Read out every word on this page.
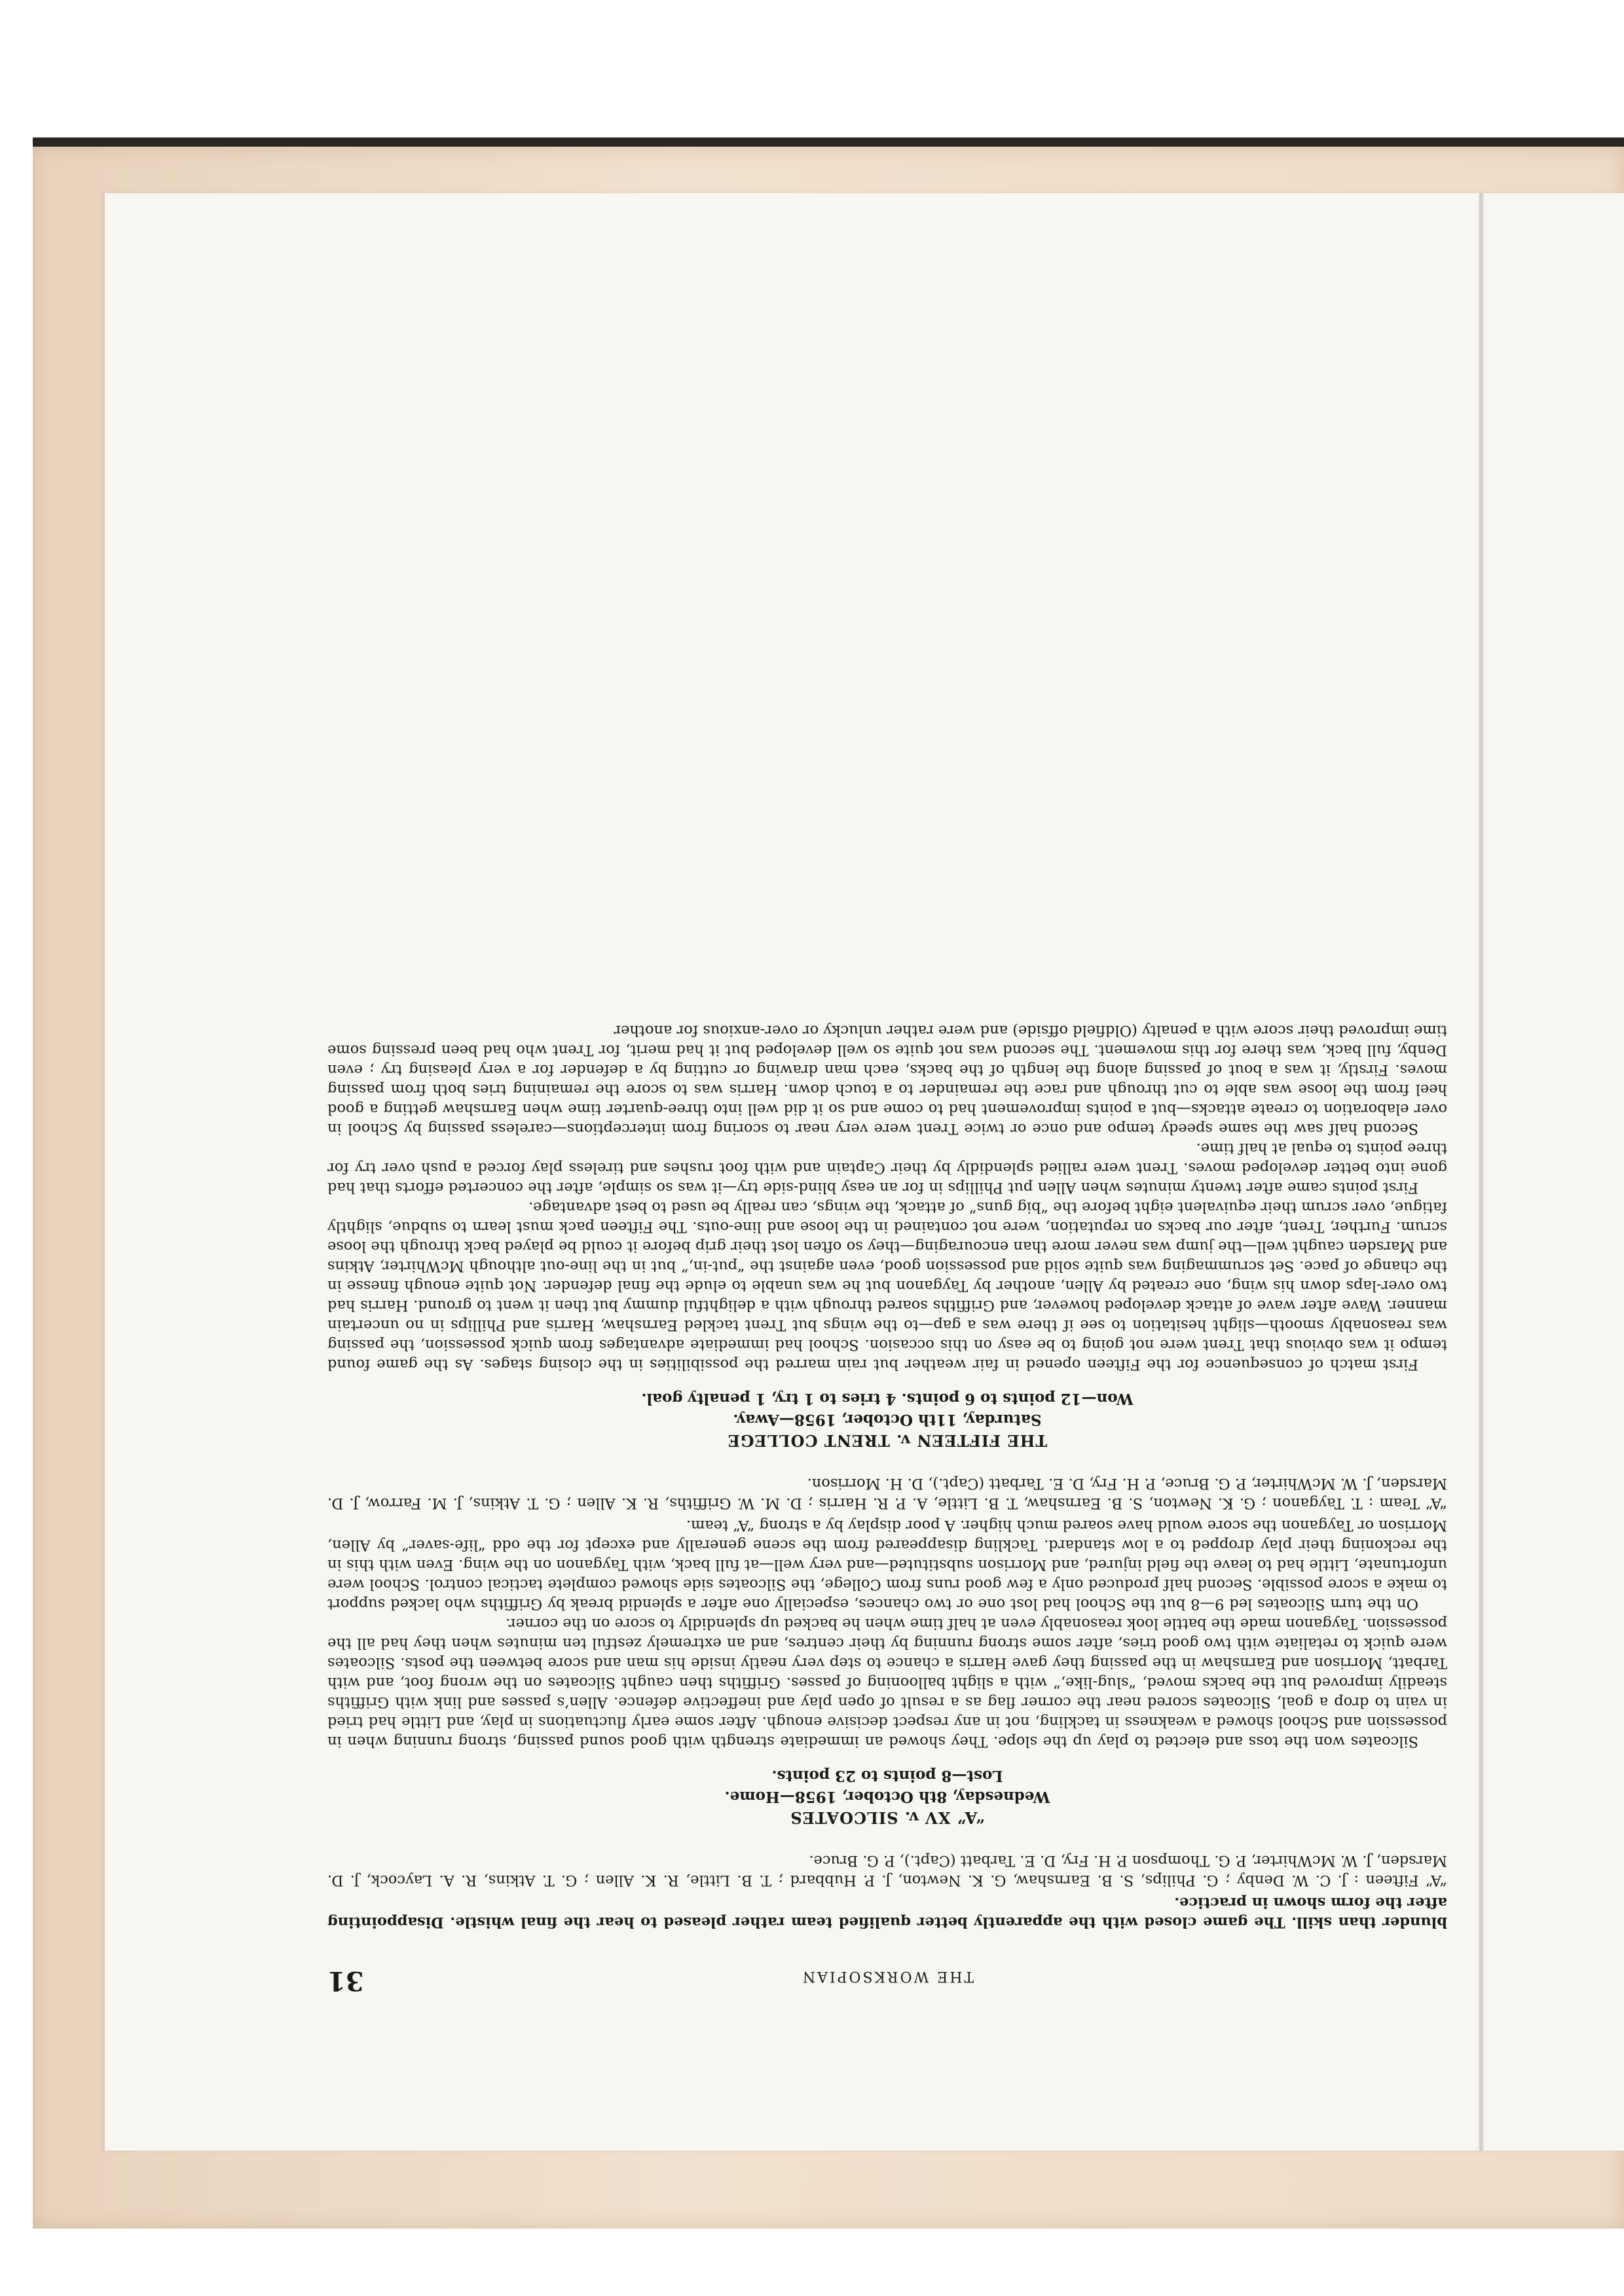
THE WORKSOPIAN
31

blunder than skill. The game closed with the apparently better qualified team rather pleased to hear the final whistle. Disappointing after the form shown in practice.

“A” Fifteen : J. C. W. Denby ; G. Philips, S. B. Earnshaw, G. K. Newton, J. P. Hubbard ; T. B. Little, R. K. Allen ; G. T. Atkins, R. A. Laycock, J. D. Marsden, J. W. McWhirter, P. G. Thompson P. H. Fry, D. E. Tarbatt (Capt.), P. G. Bruce.

“A” XV v. SILCOATES

Wednesday, 8th October, 1958—Home.

Lost—8 points to 23 points.

Silcoates won the toss and elected to play up the slope. They showed an immediate strength with good sound passing, strong running when in possession and School showed a weakness in tackling, not in any respect decisive enough. After some early fluctuations in play, and Little had tried in vain to drop a goal, Silcoates scored near the corner flag as a result of open play and ineffective defence. Allen’s passes and link with Griffiths steadily improved but the backs moved, “slug-like,” with a slight ballooning of passes. Griffiths then caught Silcoates on the wrong foot, and with Tarbatt, Morrison and Earnshaw in the passing they gave Harris a chance to step very neatly inside his man and score between the posts. Silcoates were quick to retaliate with two good tries, after some strong running by their centres, and an extremely zestful ten minutes when they had all the possession. Tayganon made the battle look reasonably even at half time when he backed up splendidly to score on the corner.

On the turn Silcoates led 9—8 but the School had lost one or two chances, especially one after a splendid break by Griffiths who lacked support to make a score possible. Second half produced only a few good runs from College, the Silcoates side showed complete tactical control. School were unfortunate, Little had to leave the field injured, and Morrison substituted—and very well—at full back, with Tayganon on the wing. Even with this in the reckoning their play dropped to a low standard. Tackling disappeared from the scene generally and except for the odd “life-saver” by Allen, Morrison or Tayganon the score would have soared much higher. A poor display by a strong “A” team.

“A” Team : T. Tayganon ; G. K. Newton, S. B. Earnshaw, T. B. Little, A. P. R. Harris ; D. M. W. Griffiths, R. K. Allen ; G. T. Atkins, J. M. Farrow, J. D. Marsden, J. W. McWhirter, P. G. Bruce, P. H. Fry, D. E. Tarbatt (Capt.), D. H. Morrison.

THE FIFTEEN v. TRENT COLLEGE

Saturday, 11th October, 1958—Away.

Won—12 points to 6 points. 4 tries to 1 try, 1 penalty goal.

First match of consequence for the Fifteen opened in fair weather but rain marred the possibilities in the closing stages. As the game found tempo it was obvious that Trent were not going to be easy on this occasion. School had immediate advantages from quick possession, the passing was reasonably smooth—slight hesitation to see if there was a gap—to the wings but Trent tackled Earnshaw, Harris and Phillips in no uncertain manner. Wave after wave of attack developed however, and Griffiths soared through with a delightful dummy but then it went to ground. Harris had two over-laps down his wing, one created by Allen, another by Tayganon but he was unable to elude the final defender. Not quite enough finesse in the change of pace. Set scrummaging was quite solid and possession good, even against the “put-in,” but in the line-out although McWhirter, Atkins and Marsden caught well—the jump was never more than encouraging—they so often lost their grip before it could be played back through the loose scrum. Further, Trent, after our backs on reputation, were not contained in the loose and line-outs. The Fifteen pack must learn to subdue, slightly fatigue, over scrum their equivalent eight before the “big guns” of attack, the wings, can really be used to best advantage.

First points came after twenty minutes when Allen put Phillips in for an easy blind-side try—it was so simple, after the concerted efforts that had gone into better developed moves. Trent were rallied splendidly by their Captain and with foot rushes and tireless play forced a push over try for three points to equal at half time.

Second half saw the same speedy tempo and once or twice Trent were very near to scoring from interceptions—careless passing by School in over elaboration to create attacks—but a points improvement had to come and so it did well into three-quarter time when Earnshaw getting a good heel from the loose was able to cut through and race the remainder to a touch down. Harris was to score the remaining tries both from passing moves. Firstly, it was a bout of passing along the length of the backs, each man drawing or cutting by a defender for a very pleasing try ; even Denby, full back, was there for this movement. The second was not quite so well developed but it had merit, for Trent who had been pressing some time improved their score with a penalty (Oldfield offside) and were rather unlucky or over-anxious for another
